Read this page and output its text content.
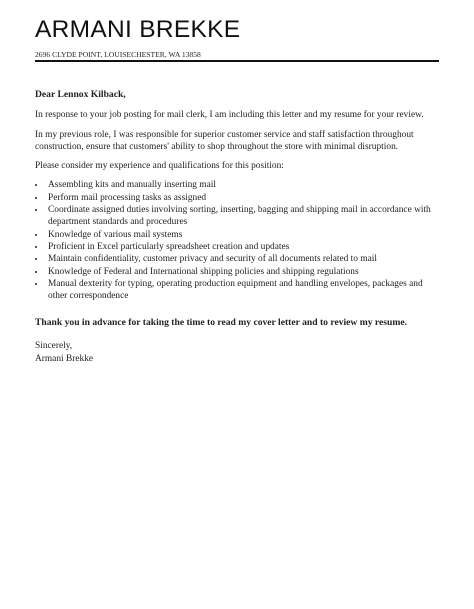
ARMANI BREKKE
2696 CLYDE POINT, LOUISECHESTER, WA 13858
Dear Lennox Kilback,

In response to your job posting for mail clerk, I am including this letter and my resume for your review.

In my previous role, I was responsible for superior customer service and staff satisfaction throughout construction, ensure that customers' ability to shop throughout the store with minimal disruption.

Please consider my experience and qualifications for this position:

• Assembling kits and manually inserting mail
• Perform mail processing tasks as assigned
• Coordinate assigned duties involving sorting, inserting, bagging and shipping mail in accordance with department standards and procedures
• Knowledge of various mail systems
• Proficient in Excel particularly spreadsheet creation and updates
• Maintain confidentiality, customer privacy and security of all documents related to mail
• Knowledge of Federal and International shipping policies and shipping regulations
• Manual dexterity for typing, operating production equipment and handling envelopes, packages and other correspondence
Thank you in advance for taking the time to read my cover letter and to review my resume.

Sincerely,

Armani Brekke
